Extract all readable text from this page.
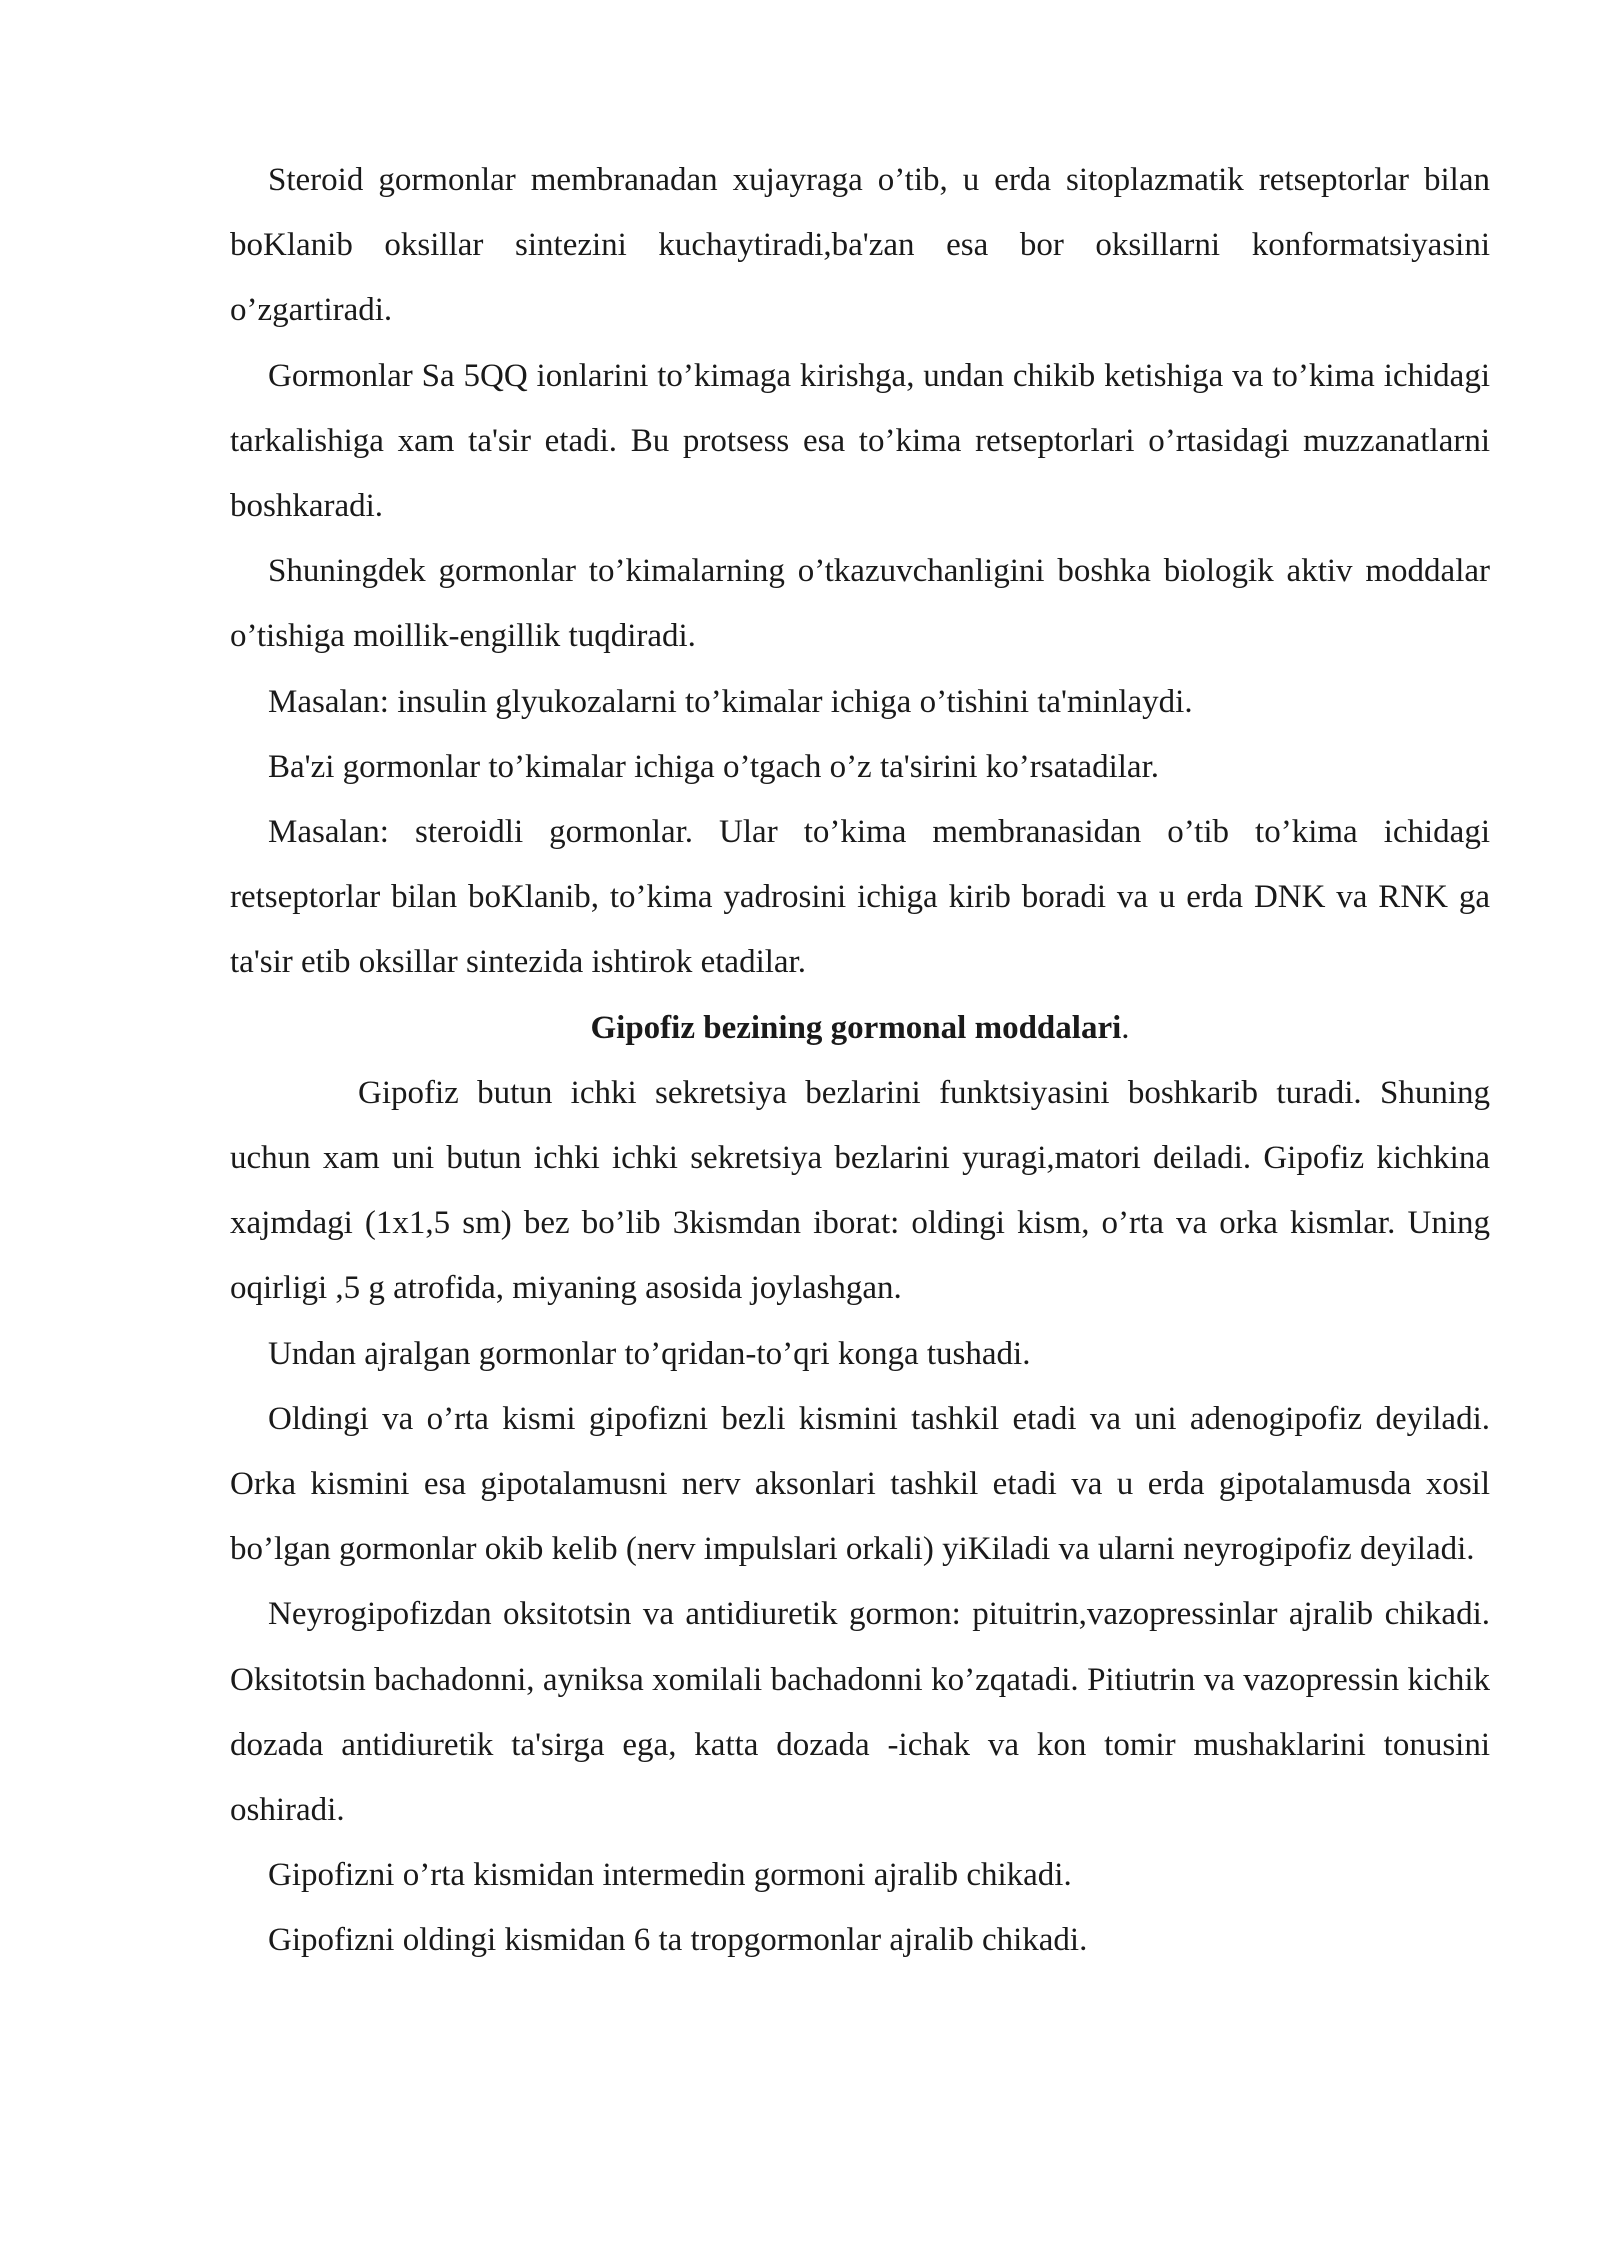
Steroid gormonlar membranadan xujayraga o’tib, u erda sitoplazmatik retseptorlar bilan boKlanib oksillar sintezini kuchaytiradi,ba'zan esa bor oksillarni konformatsiyasini o’zgartiradi.

Gormonlar Sa 5QQ ionlarini to’kimaga kirishga, undan chikib ketishiga va to’kima ichidagi tarkalishiga xam ta'sir etadi. Bu protsess esa to’kima retseptorlari o’rtasidagi muzzanatlarni boshkaradi.

Shuningdek gormonlar to’kimalarning o’tkazuvchanligini boshka biologik aktiv moddalar o’tishiga moillik-engillik tuqdiradi.

Masalan: insulin glyukozalarni to’kimalar ichiga o’tishini ta'minlaydi.

Ba'zi gormonlar to’kimalar ichiga o’tgach o’z ta'sirini ko’rsatadilar.

Masalan: steroidli gormonlar. Ular to’kima membranasidan o’tib to’kima ichidagi retseptorlar bilan boKlanib, to’kima yadrosini ichiga kirib boradi va u erda DNK va RNK ga ta'sir etib oksillar sintezida ishtirok etadilar.

Gipofiz bezining gormonal moddalari.

Gipofiz butun ichki sekretsiya bezlarini funktsiyasini boshkarib turadi. Shuning uchun xam uni butun ichki ichki sekretsiya bezlarini yuragi,matori deiladi. Gipofiz kichkina xajmdagi (1x1,5 sm) bez bo’lib 3kismdan iborat: oldingi kism, o’rta va orka kismlar. Uning oqirligi ,5 g atrofida, miyaning asosida joylashgan.

Undan ajralgan gormonlar to’qridan-to’qri konga tushadi.

Oldingi va o’rta kismi gipofizni bezli kismini tashkil etadi va uni adenogipofiz deyiladi. Orka kismini esa gipotalamusni nerv aksonlari tashkil etadi va u erda gipotalamusda xosil bo’lgan gormonlar okib kelib (nerv impulslari orkali) yiKiladi va ularni neyrogipofiz deyiladi.

Neyrogipofizdan oksitotsin va antidiuretik gormon: pituitrin,vazopressinlar ajralib chikadi. Oksitotsin bachadonni, ayniksa xomilali bachadonni ko’zqatadi. Pitiutrin va vazopressin kichik dozada antidiuretik ta'sirga ega, katta dozada -ichak va kon tomir mushaklarini tonusini oshiradi.

Gipofizni o’rta kismidan intermedin gormoni ajralib chikadi.

Gipofizni oldingi kismidan 6 ta tropgormonlar ajralib chikadi.
